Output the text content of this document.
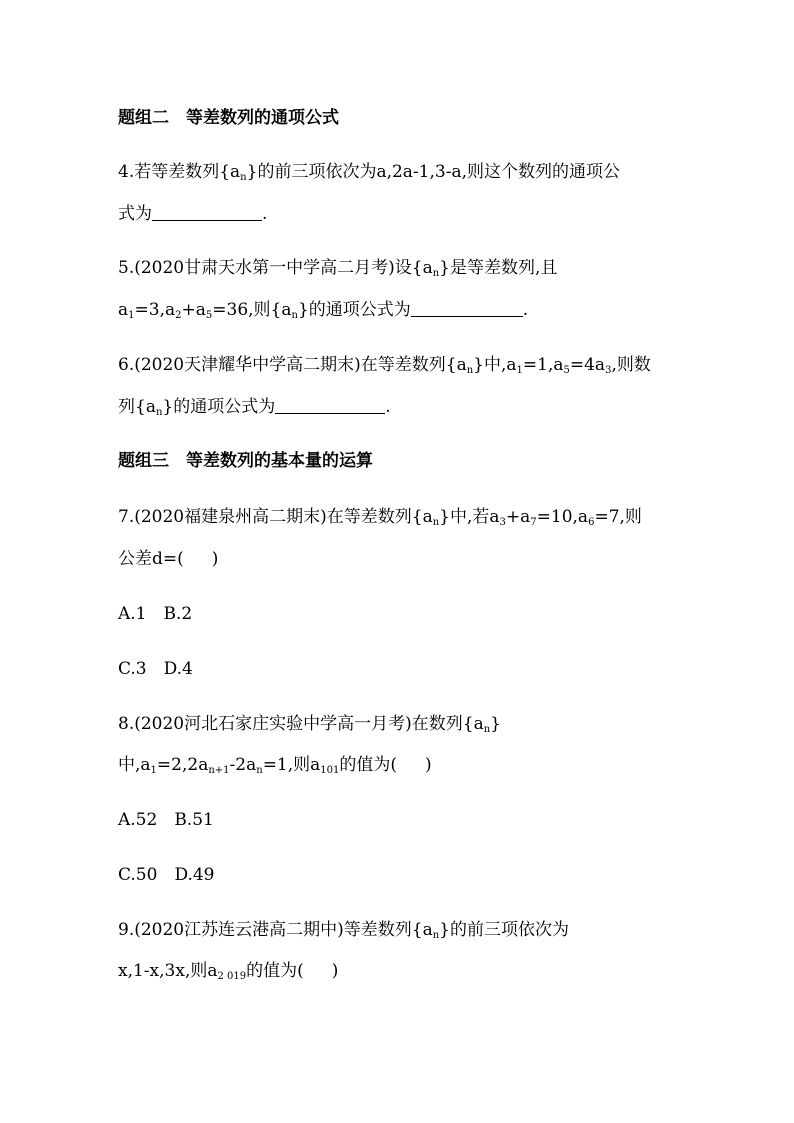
题组二　等差数列的通项公式
4.若等差数列$\{a_n\}$的前三项依次为a,2a-1,3-a,则这个数列的通项公
式为	.
5.(2020甘肃天水第一中学高二月考)设$\{a_n\}$是等差数列,且
$a_1=3,a_2+a_5=36$,则$\{a_n\}$的通项公式为	.
6.(2020天津耀华中学高二期末)在等差数列$\{a_n\}$中$,a_1=1,a_5=4a_3$,则数
列$\{a_n\}$的通项公式为	.
题组三　等差数列的基本量的运算
7.(2020福建泉州高二期末)在等差数列$\{a_n\}$中,若$a_3+a_7=10,a_6=7$,则
公差d=( )
A.1　 B.2
C.3　 D.4
8.(2020河北石家庄实验中学高一月考)在数列$\{a_n\}$
中$,a_1=2,2a_{n+1}-2a_n=1$,则$a_{101}$的值为( )
A.52　 B.51
C.50　 D.49
9.(2020江苏连云港高二期中)等差数列$\{a_n\}$的前三项依次为
x,1-x,3x,则$a_{2 019}$的值为( )
